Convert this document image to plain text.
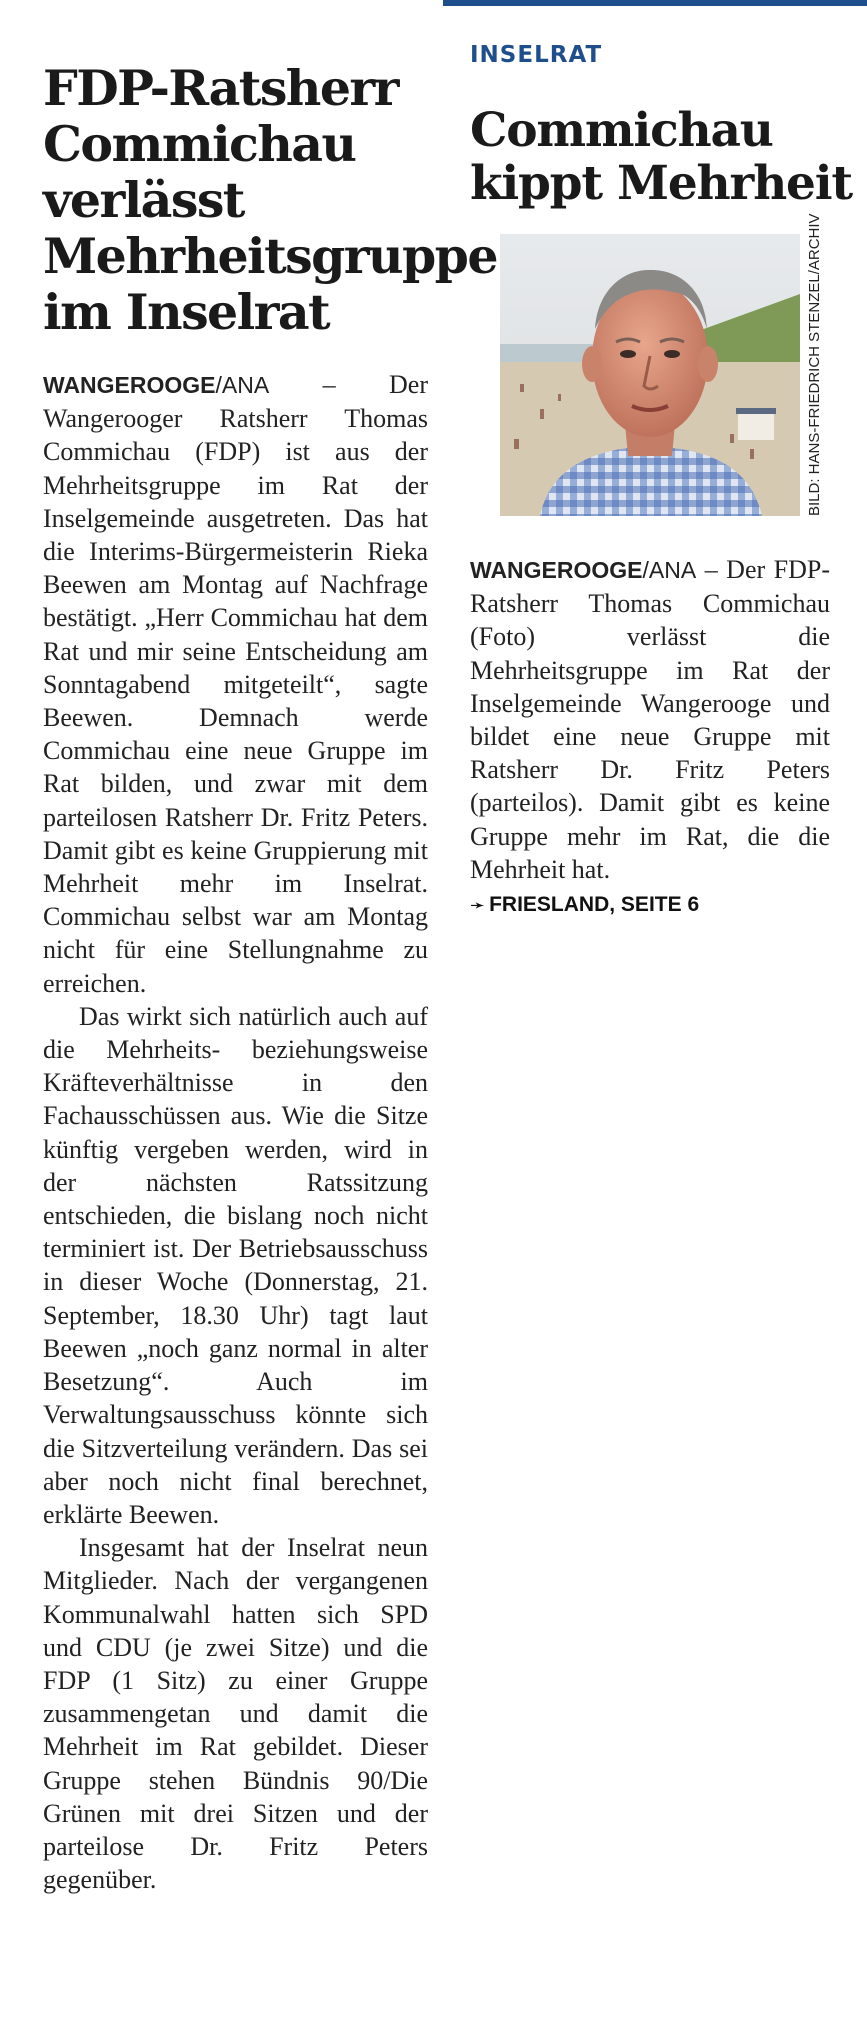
FDP-Ratsherr Commichau verlässt Mehrheitsgruppe im Inselrat

WANGEROOGE/ANA – Der Wangerooger Ratsherr Thomas Commichau (FDP) ist aus der Mehrheitsgruppe im Rat der Inselgemeinde ausgetreten. Das hat die Interims-Bürgermeisterin Rieka Beewen am Montag auf Nachfrage bestätigt. „Herr Commichau hat dem Rat und mir seine Entscheidung am Sonntagabend mitgeteilt“, sagte Beewen. Demnach werde Commichau eine neue Gruppe im Rat bilden, und zwar mit dem parteilosen Ratsherr Dr. Fritz Peters. Damit gibt es keine Gruppierung mit Mehrheit mehr im Inselrat. Commichau selbst war am Montag nicht für eine Stellungnahme zu erreichen.

Das wirkt sich natürlich auch auf die Mehrheits- beziehungsweise Kräfteverhältnisse in den Fachausschüssen aus. Wie die Sitze künftig vergeben werden, wird in der nächsten Ratssitzung entschieden, die bislang noch nicht terminiert ist. Der Betriebsausschuss in dieser Woche (Donnerstag, 21. September, 18.30 Uhr) tagt laut Beewen „noch ganz normal in alter Besetzung“. Auch im Verwaltungsausschuss könnte sich die Sitzverteilung verändern. Das sei aber noch nicht final berechnet, erklärte Beewen.

Insgesamt hat der Inselrat neun Mitglieder. Nach der vergangenen Kommunalwahl hatten sich SPD und CDU (je zwei Sitze) und die FDP (1 Sitz) zu einer Gruppe zusammengetan und damit die Mehrheit im Rat gebildet. Dieser Gruppe stehen Bündnis 90/Die Grünen mit drei Sitzen und der parteilose Dr. Fritz Peters gegenüber.

INSELRAT
Commichau kippt Mehrheit
BILD: HANS-FRIEDRICH STENZEL/ARCHIV

WANGEROOGE/ANA – Der FDP-Ratsherr Thomas Commichau (Foto) verlässt die Mehrheitsgruppe im Rat der Inselgemeinde Wangerooge und bildet eine neue Gruppe mit Ratsherr Dr. Fritz Peters (parteilos). Damit gibt es keine Gruppe mehr im Rat, die die Mehrheit hat.

➛ FRIESLAND, SEITE 6
